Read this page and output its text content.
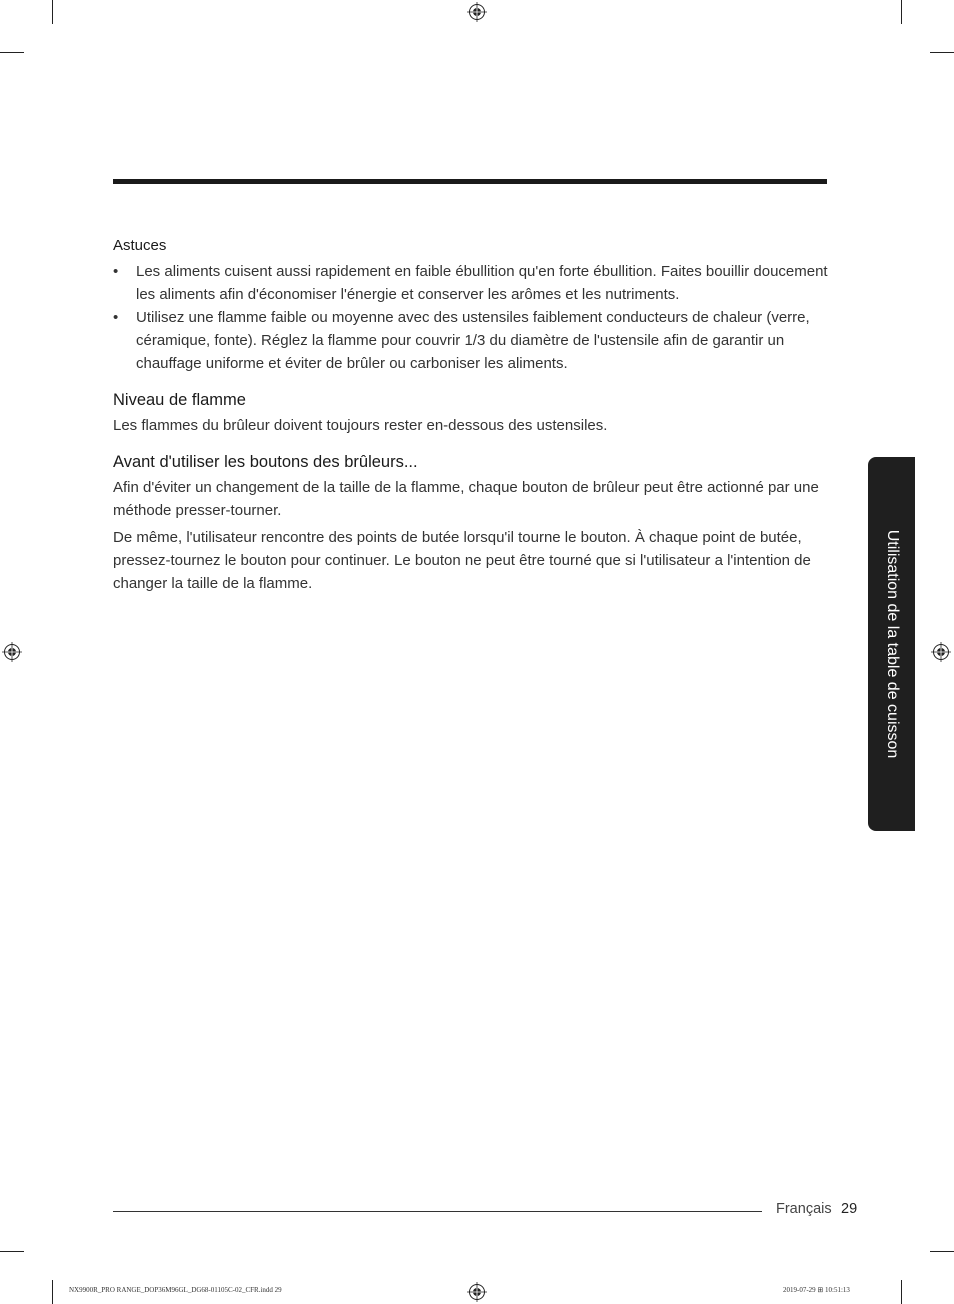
Astuces
• Les aliments cuisent aussi rapidement en faible ébullition qu'en forte ébullition. Faites bouillir doucement les aliments afin d'économiser l'énergie et conserver les arômes et les nutriments.
• Utilisez une flamme faible ou moyenne avec des ustensiles faiblement conducteurs de chaleur (verre, céramique, fonte). Réglez la flamme pour couvrir 1/3 du diamètre de l'ustensile afin de garantir un chauffage uniforme et éviter de brûler ou carboniser les aliments.
Niveau de flamme

Les flammes du brûleur doivent toujours rester en-dessous des ustensiles.

Avant d'utiliser les boutons des brûleurs...

Afin d'éviter un changement de la taille de la flamme, chaque bouton de brûleur peut être actionné par une méthode presser-tourner.

De même, l'utilisateur rencontre des points de butée lorsqu'il tourne le bouton. À chaque point de butée, pressez-tournez le bouton pour continuer. Le bouton ne peut être tourné que si l'utilisateur a l'intention de changer la taille de la flamme.	Utilisation de la table de cuisson
Français 29
NX9900R_PRO RANGE_DOP36M96GL_DG68-01105C-02_CFR.indd 29	2019-07-29 ⊞ 10:51:13
